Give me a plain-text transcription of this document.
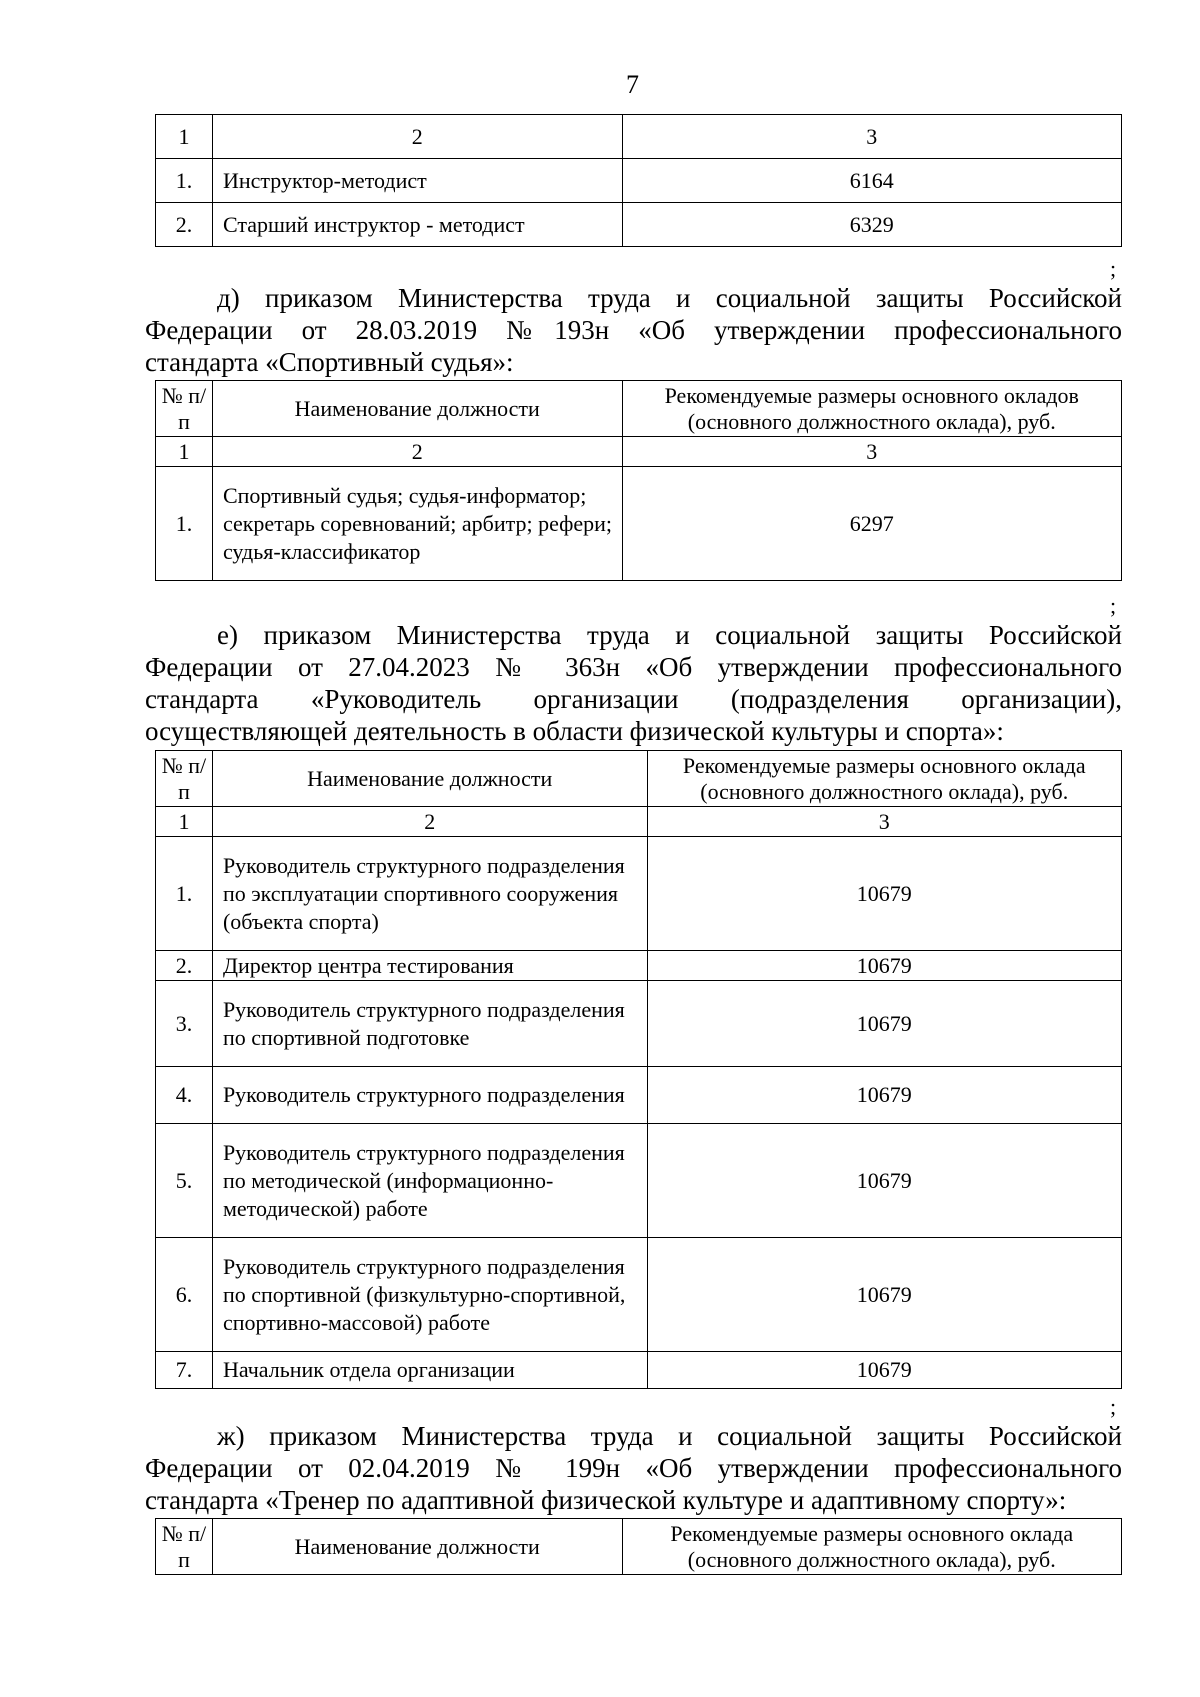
7
1	2	3
1.	Инструктор-методист	6164
2.	Старший инструктор - методист	6329
;
д) приказом Министерства труда и социальной защиты Российской
Федерации от 28.03.2019 №193н «Об утверждении профессионального
стандарта «Спортивный судья»:
№ п/п	Наименование должности	Рекомендуемые размеры основного окладов (основного должностного оклада), руб.
1	2	3
1.	Спортивный судья; судья-информатор; секретарь соревнований; арбитр; рефери; судья-классификатор	6297
;
е) приказом Министерства труда и социальной защиты Российской
Федерации от 27.04.2023 № 363н «Об утверждении профессионального
стандарта «Руководитель организации (подразделения организации),
осуществляющей деятельность в области физической культуры и спорта»:
№ п/п	Наименование должности	Рекомендуемые размеры основного оклада (основного должностного оклада), руб.
1	2	3
1.	Руководитель структурного подразделения по эксплуатации спортивного сооружения (объекта спорта)	10679
2.	Директор центра тестирования	10679
3.	Руководитель структурного подразделения по спортивной подготовке	10679
4.	Руководитель структурного подразделения	10679
5.	Руководитель структурного подразделения по методической (информационно- методической) работе	10679
6.	Руководитель структурного подразделения по спортивной (физкультурно-спортивной, спортивно-массовой) работе	10679
7.	Начальник отдела организации	10679
;
ж) приказом Министерства труда и социальной защиты Российской
Федерации от 02.04.2019 № 199н «Об утверждении профессионального
стандарта «Тренер по адаптивной физической культуре и адаптивному спорту»:
№ п/п	Наименование должности	Рекомендуемые размеры основного оклада (основного должностного оклада), руб.
